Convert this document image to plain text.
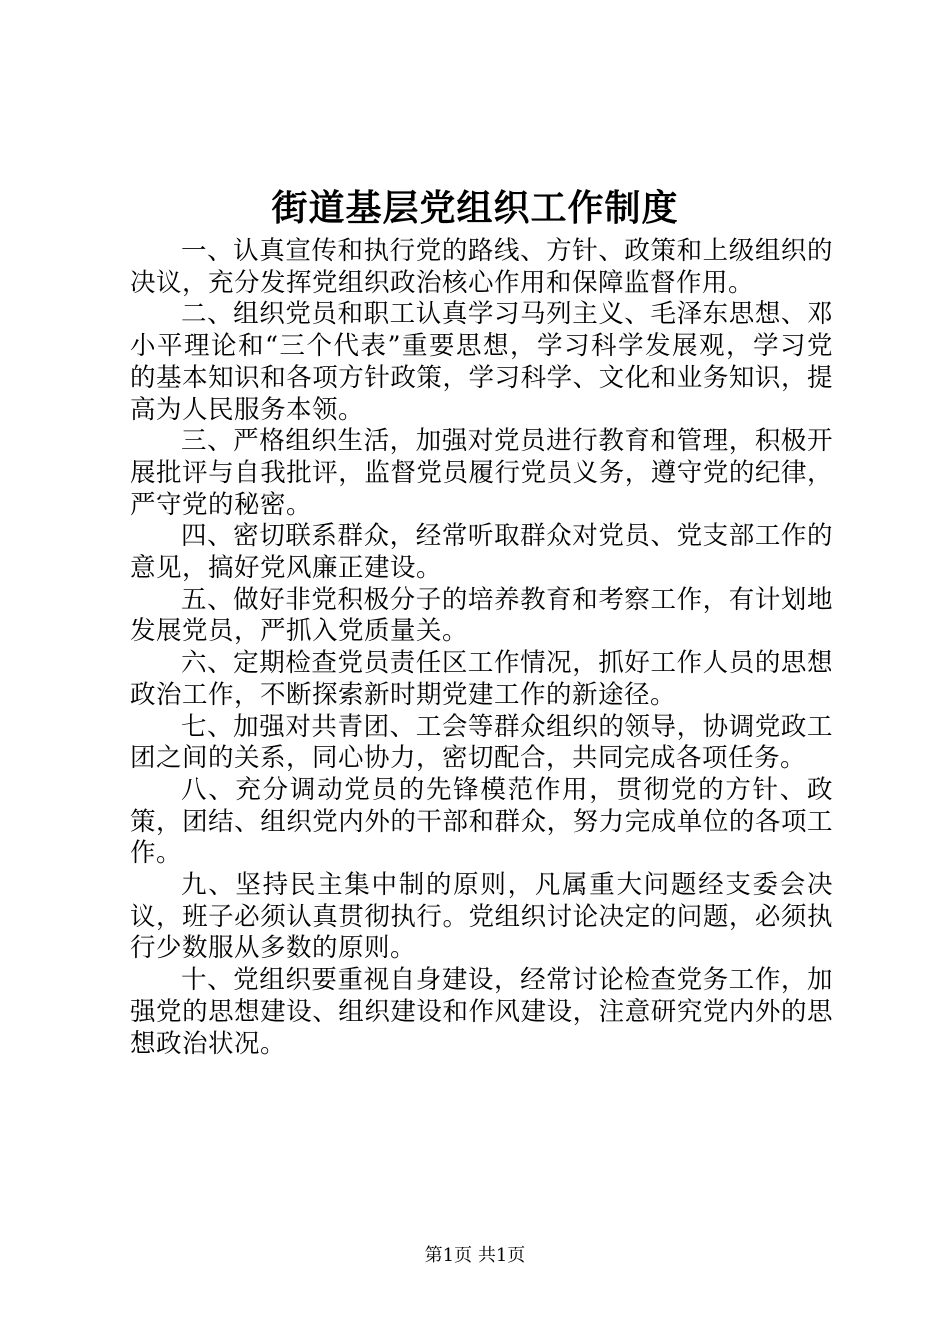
街道基层党组织工作制度

一、认真宣传和执行党的路线、方针、政策和上级组织的决议，充分发挥党组织政治核心作用和保障监督作用。

二、组织党员和职工认真学习马列主义、毛泽东思想、邓小平理论和“三个代表”重要思想，学习科学发展观，学习党的基本知识和各项方针政策，学习科学、文化和业务知识，提高为人民服务本领。

三、严格组织生活，加强对党员进行教育和管理，积极开展批评与自我批评，监督党员履行党员义务，遵守党的纪律，严守党的秘密。

四、密切联系群众，经常听取群众对党员、党支部工作的意见，搞好党风廉正建设。

五、做好非党积极分子的培养教育和考察工作，有计划地发展党员，严抓入党质量关。

六、定期检查党员责任区工作情况，抓好工作人员的思想政治工作，不断探索新时期党建工作的新途径。

七、加强对共青团、工会等群众组织的领导，协调党政工团之间的关系，同心协力，密切配合，共同完成各项任务。

八、充分调动党员的先锋模范作用，贯彻党的方针、政策，团结、组织党内外的干部和群众，努力完成单位的各项工作。

九、坚持民主集中制的原则，凡属重大问题经支委会决议，班子必须认真贯彻执行。党组织讨论决定的问题，必须执行少数服从多数的原则。

十、党组织要重视自身建设，经常讨论检查党务工作，加强党的思想建设、组织建设和作风建设，注意研究党内外的思想政治状况。

第1页 共1页
